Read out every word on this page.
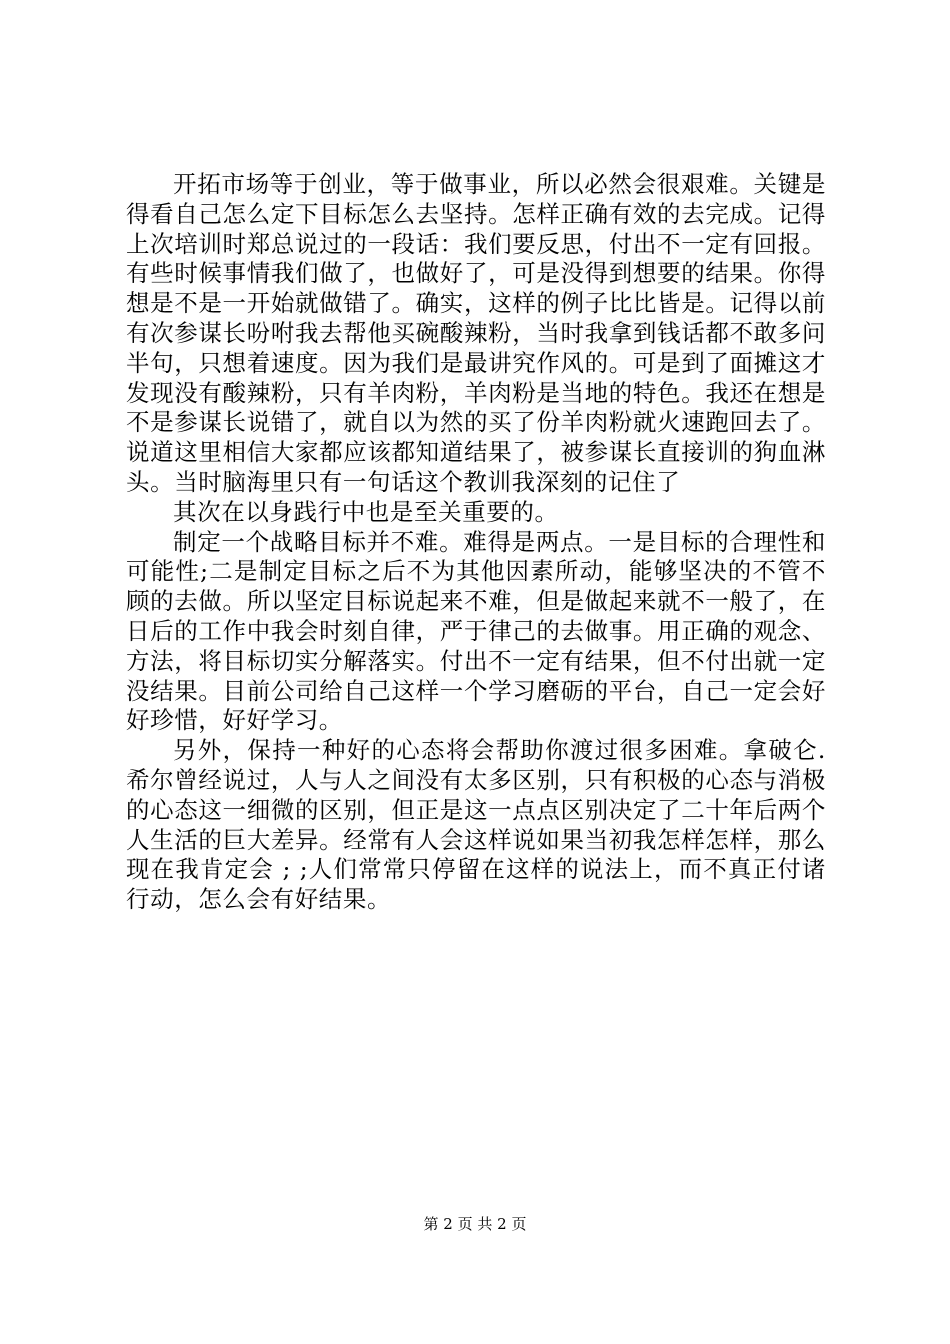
开拓市场等于创业，等于做事业，所以必然会很艰难。关键是得看自己怎么定下目标怎么去坚持。怎样正确有效的去完成。记得上次培训时郑总说过的一段话：我们要反思，付出不一定有回报。有些时候事情我们做了，也做好了，可是没得到想要的结果。你得想是不是一开始就做错了。确实，这样的例子比比皆是。记得以前有次参谋长吩咐我去帮他买碗酸辣粉，当时我拿到钱话都不敢多问半句，只想着速度。因为我们是最讲究作风的。可是到了面摊这才发现没有酸辣粉，只有羊肉粉，羊肉粉是当地的特色。我还在想是不是参谋长说错了，就自以为然的买了份羊肉粉就火速跑回去了。说道这里相信大家都应该都知道结果了，被参谋长直接训的狗血淋头。当时脑海里只有一句话这个教训我深刻的记住了

其次在以身践行中也是至关重要的。

制定一个战略目标并不难。难得是两点。一是目标的合理性和可能性;二是制定目标之后不为其他因素所动，能够坚决的不管不顾的去做。所以坚定目标说起来不难，但是做起来就不一般了，在日后的工作中我会时刻自律，严于律己的去做事。用正确的观念、方法，将目标切实分解落实。付出不一定有结果，但不付出就一定没结果。目前公司给自己这样一个学习磨砺的平台，自己一定会好好珍惜，好好学习。

另外，保持一种好的心态将会帮助你渡过很多困难。拿破仑.希尔曾经说过，人与人之间没有太多区别，只有积极的心态与消极的心态这一细微的区别，但正是这一点点区别决定了二十年后两个人生活的巨大差异。经常有人会这样说如果当初我怎样怎样，那么现在我肯定会 ; ;人们常常只停留在这样的说法上，而不真正付诸行动，怎么会有好结果。

第 2 页 共 2 页
